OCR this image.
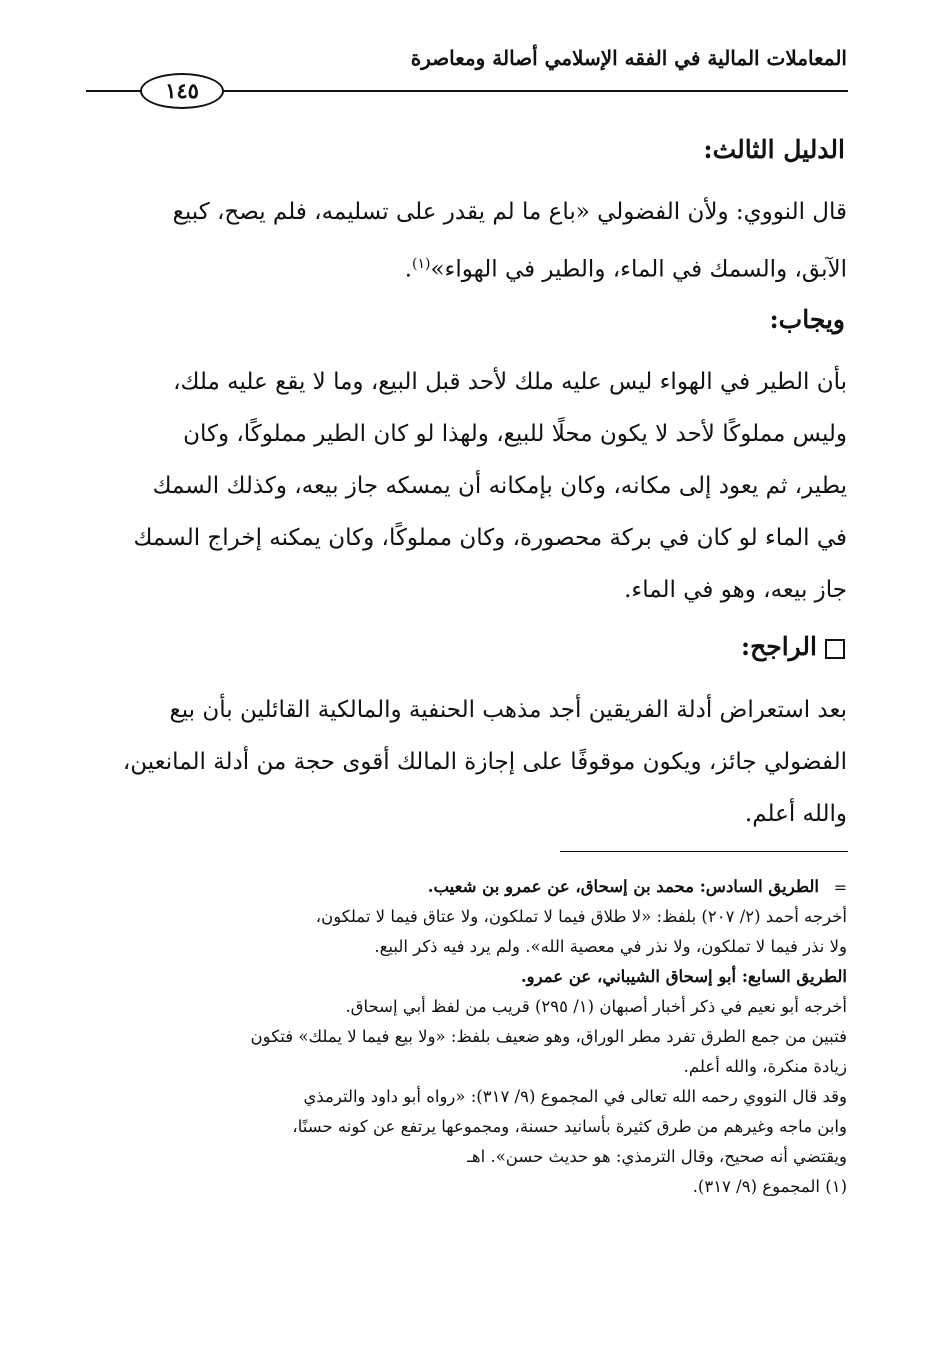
المعاملات المالية في الفقه الإسلامي أصالة ومعاصرة
١٤٥
الدليل الثالث:
قال النووي: ولأن الفضولي «باع ما لم يقدر على تسليمه، فلم يصح، كبيع
الآبق، والسمك في الماء، والطير في الهواء»$^{(١)}$.
ويجاب:
بأن الطير في الهواء ليس عليه ملك لأحد قبل البيع، وما لا يقع عليه ملك،
وليس مملوكًا لأحد لا يكون محلًا للبيع، ولهذا لو كان الطير مملوكًا، وكان
يطير، ثم يعود إلى مكانه، وكان بإمكانه أن يمسكه جاز بيعه، وكذلك السمك
في الماء لو كان في بركة محصورة، وكان مملوكًا، وكان يمكنه إخراج السمك
جاز بيعه، وهو في الماء.
الراجح:
بعد استعراض أدلة الفريقين أجد مذهب الحنفية والمالكية القائلين بأن بيع
الفضولي جائز، ويكون موقوفًا على إجازة المالك أقوى حجة من أدلة المانعين،
والله أعلم.
=
الطريق السادس: محمد بن إسحاق، عن عمرو بن شعيب.
أخرجه أحمد (٢/ ٢٠٧) بلفظ: «لا طلاق فيما لا تملكون، ولا عتاق فيما لا تملكون،
ولا نذر فيما لا تملكون، ولا نذر في معصية الله». ولم يرد فيه ذكر البيع.
الطريق السابع: أبو إسحاق الشيباني، عن عمرو.
أخرجه أبو نعيم في ذكر أخبار أصبهان (١/ ٢٩٥) قريب من لفظ أبي إسحاق.
فتبين من جمع الطرق تفرد مطر الوراق، وهو ضعيف بلفظ: «ولا بيع فيما لا يملك» فتكون
زيادة منكرة، والله أعلم.
وقد قال النووي رحمه الله تعالى في المجموع (٩/ ٣١٧): «رواه أبو داود والترمذي
وابن ماجه وغيرهم من طرق كثيرة بأسانيد حسنة، ومجموعها يرتفع عن كونه حسنًا،
ويقتضي أنه صحيح، وقال الترمذي: هو حديث حسن». اهـ
(١) المجموع (٩/ ٣١٧).
